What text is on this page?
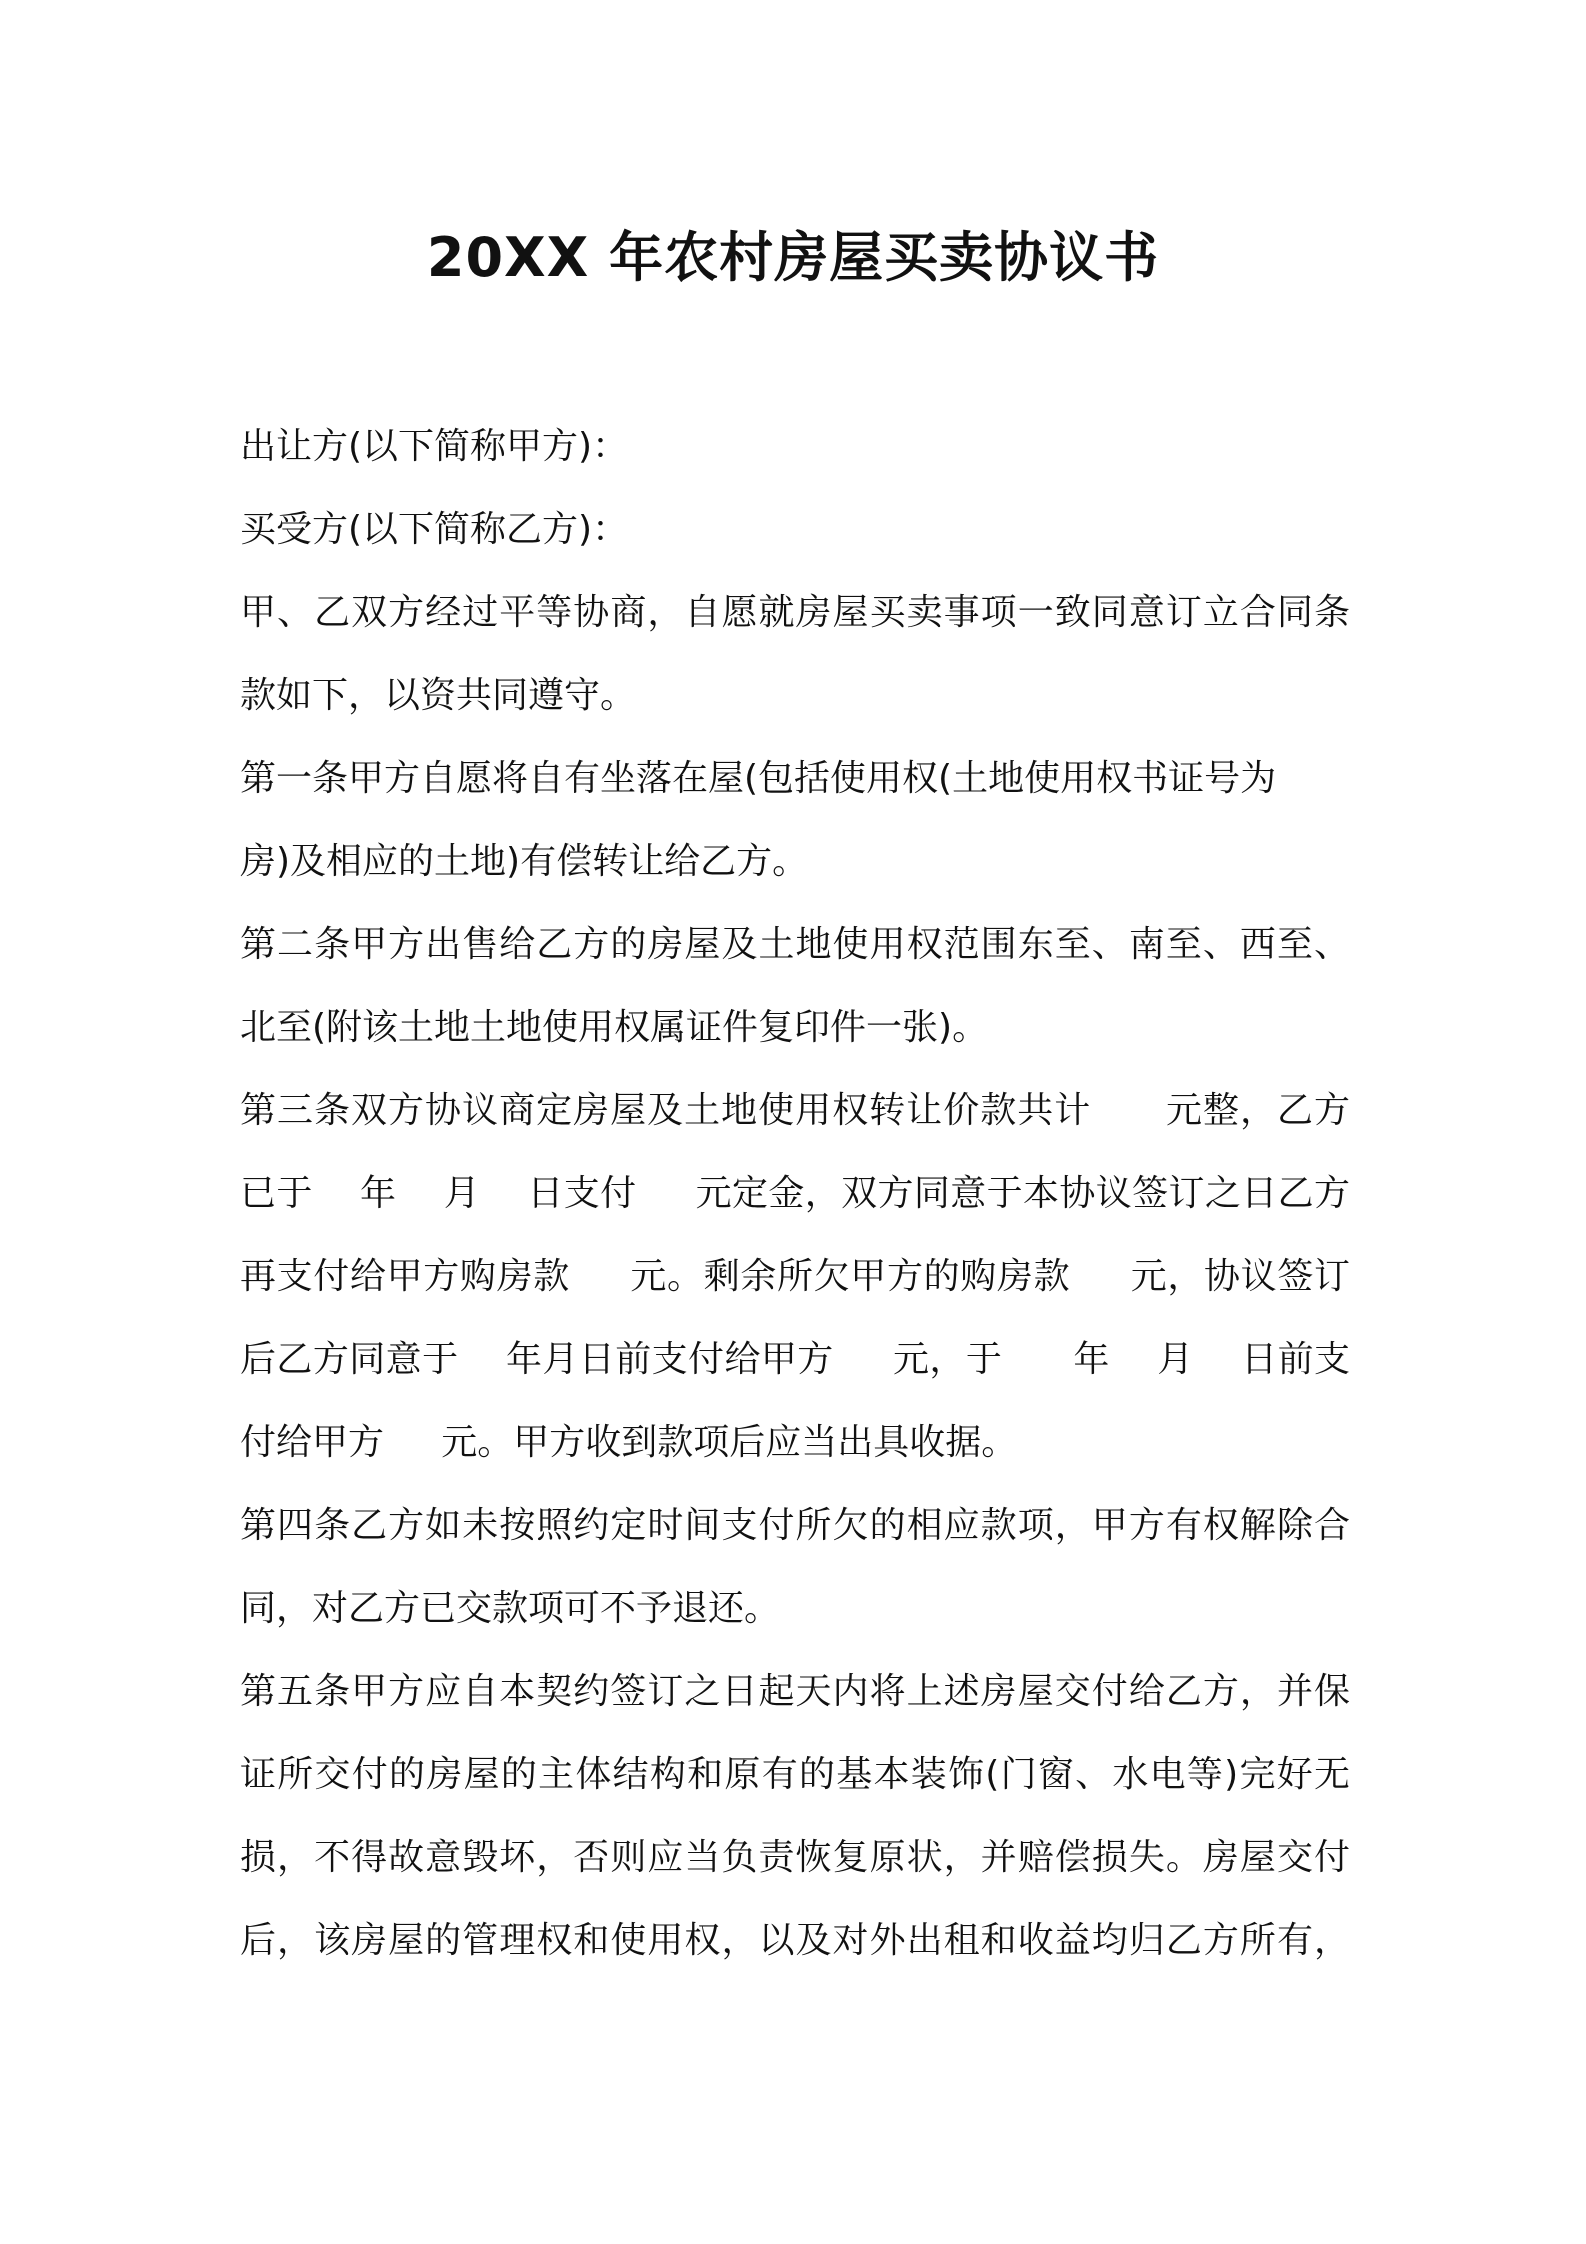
20XX 年农村房屋买卖协议书
出让方(以下简称甲方)：
买受方(以下简称乙方)：
甲、乙双方经过平等协商，自愿就房屋买卖事项一致同意订立合同条
款如下，以资共同遵守。
第一条甲方自愿将自有坐落在屋(包括使用权(土地使用权书证号为
房)及相应的土地)有偿转让给乙方。
第二条甲方出售给乙方的房屋及土地使用权范围东至、南至、西至、
北至(附该土地土地使用权属证件复印件一张)。
第三条双方协议商定房屋及土地使用权转让价款共计      元整，乙方
已于    年    月    日支付     元定金，双方同意于本协议签订之日乙方
再支付给甲方购房款     元。剩余所欠甲方的购房款     元，协议签订
后乙方同意于    年月日前支付给甲方     元，于      年    月    日前支
付给甲方     元。甲方收到款项后应当出具收据。
第四条乙方如未按照约定时间支付所欠的相应款项，甲方有权解除合
同，对乙方已交款项可不予退还。
第五条甲方应自本契约签订之日起天内将上述房屋交付给乙方，并保
证所交付的房屋的主体结构和原有的基本装饰(门窗、水电等)完好无
损，不得故意毁坏，否则应当负责恢复原状，并赔偿损失。房屋交付
后，该房屋的管理权和使用权，以及对外出租和收益均归乙方所有，
